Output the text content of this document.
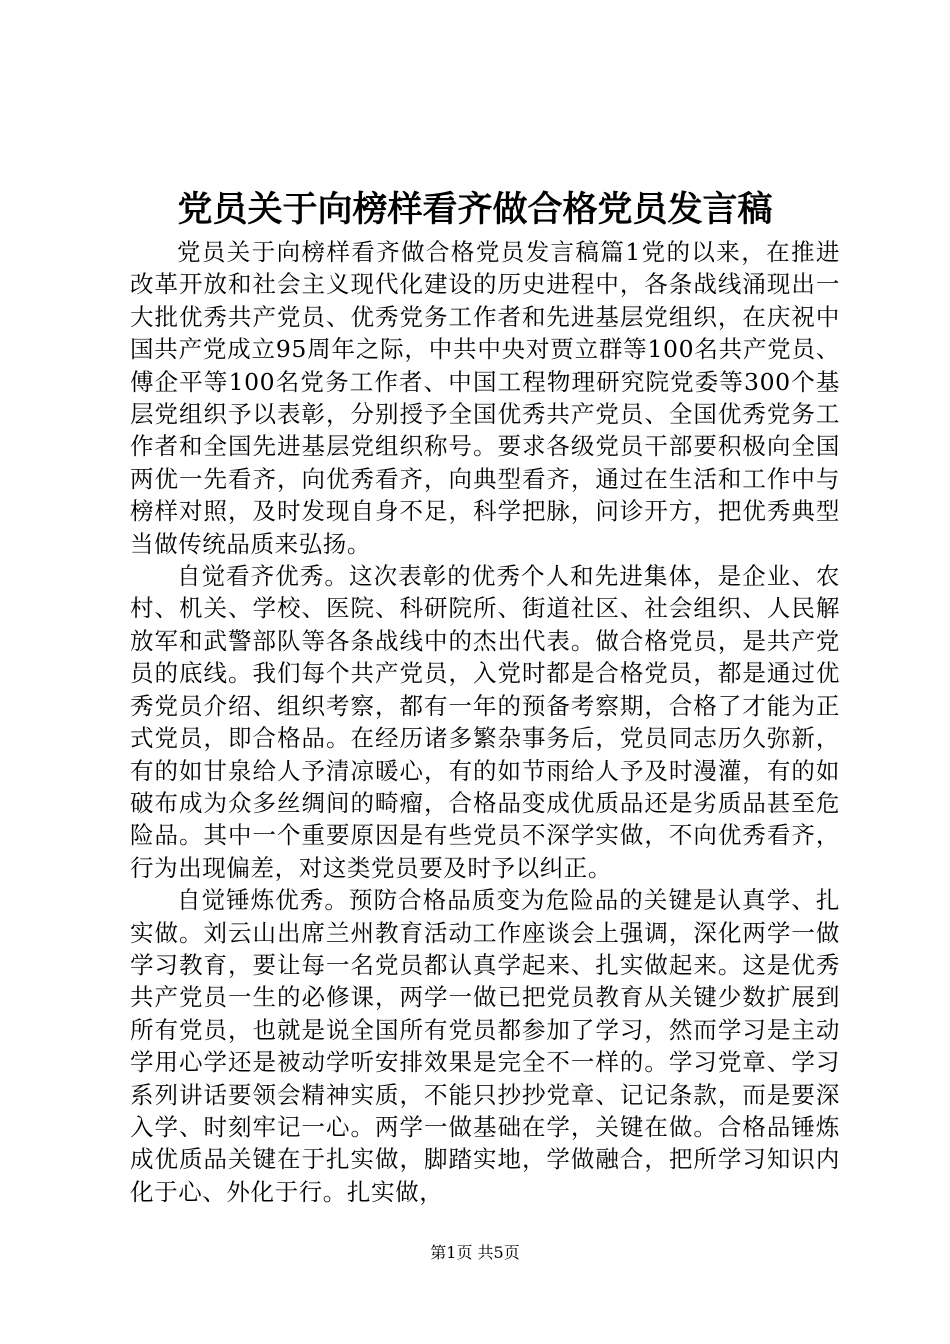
党员关于向榜样看齐做合格党员发言稿

党员关于向榜样看齐做合格党员发言稿篇1党的以来，在推进改革开放和社会主义现代化建设的历史进程中，各条战线涌现出一大批优秀共产党员、优秀党务工作者和先进基层党组织，在庆祝中国共产党成立95周年之际，中共中央对贾立群等100名共产党员、傅企平等100名党务工作者、中国工程物理研究院党委等300个基层党组织予以表彰，分别授予全国优秀共产党员、全国优秀党务工作者和全国先进基层党组织称号。要求各级党员干部要积极向全国两优一先看齐，向优秀看齐，向典型看齐，通过在生活和工作中与榜样对照，及时发现自身不足，科学把脉，问诊开方，把优秀典型当做传统品质来弘扬。

自觉看齐优秀。这次表彰的优秀个人和先进集体，是企业、农村、机关、学校、医院、科研院所、街道社区、社会组织、人民解放军和武警部队等各条战线中的杰出代表。做合格党员，是共产党员的底线。我们每个共产党员，入党时都是合格党员，都是通过优秀党员介绍、组织考察，都有一年的预备考察期，合格了才能为正式党员，即合格品。在经历诸多繁杂事务后，党员同志历久弥新，有的如甘泉给人予清凉暖心，有的如节雨给人予及时漫灌，有的如破布成为众多丝绸间的畸瘤，合格品变成优质品还是劣质品甚至危险品。其中一个重要原因是有些党员不深学实做，不向优秀看齐，行为出现偏差，对这类党员要及时予以纠正。

自觉锤炼优秀。预防合格品质变为危险品的关键是认真学、扎实做。刘云山出席兰州教育活动工作座谈会上强调，深化两学一做学习教育，要让每一名党员都认真学起来、扎实做起来。这是优秀共产党员一生的必修课，两学一做已把党员教育从关键少数扩展到所有党员，也就是说全国所有党员都参加了学习，然而学习是主动学用心学还是被动学听安排效果是完全不一样的。学习党章、学习系列讲话要领会精神实质，不能只抄抄党章、记记条款，而是要深入学、时刻牢记一心。两学一做基础在学，关键在做。合格品锤炼成优质品关键在于扎实做，脚踏实地，学做融合，把所学习知识内化于心、外化于行。扎实做，

第1页 共5页
